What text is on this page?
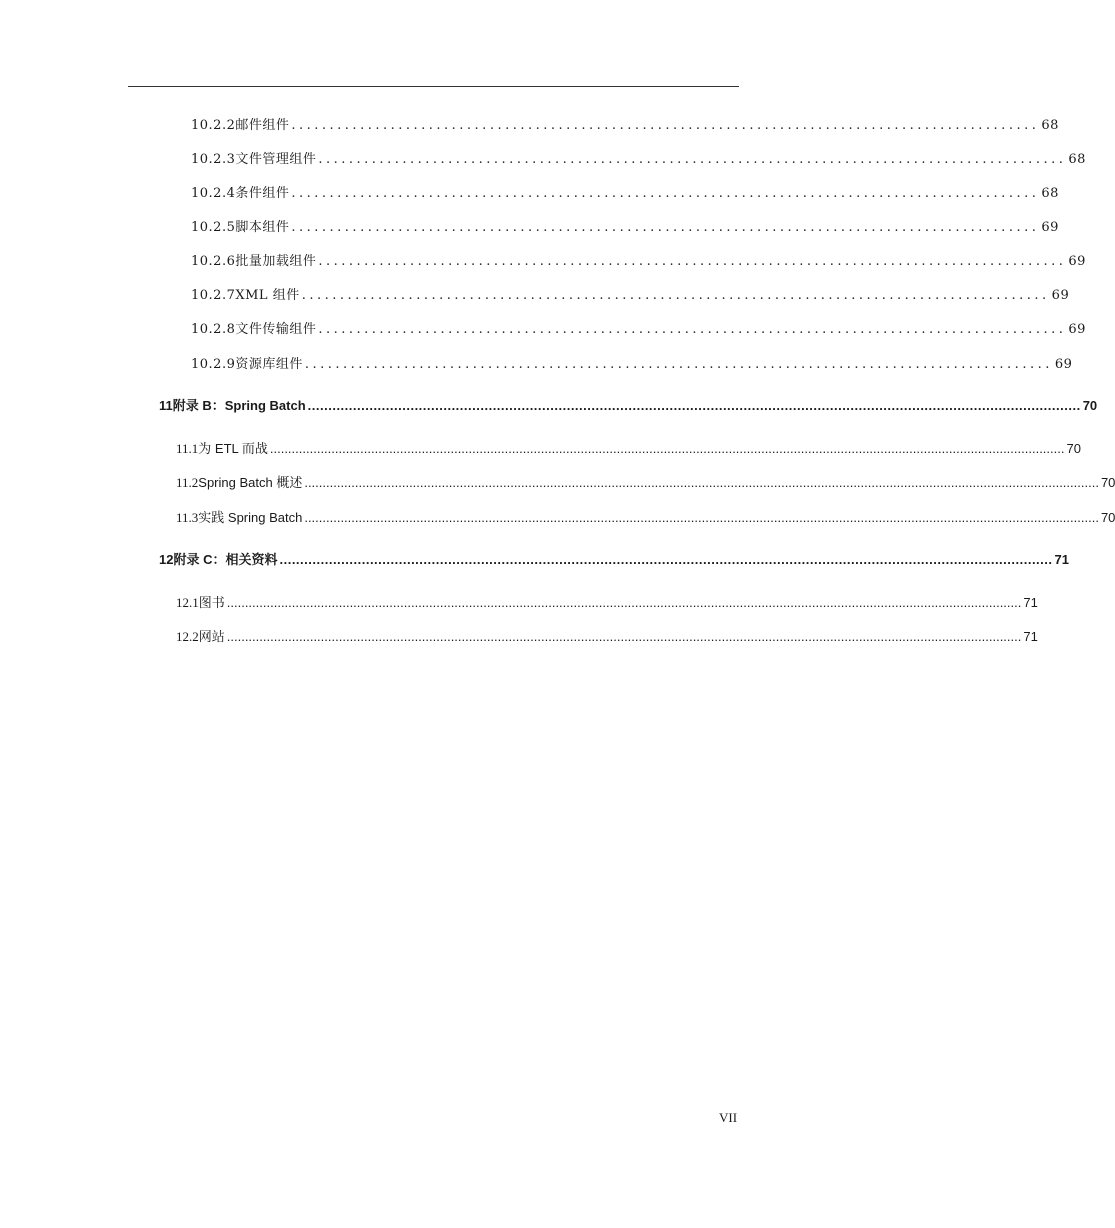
10.2.2 邮件组件 .................................................................................................. 68
10.2.3 文件管理组件 .................................................................................................. 68
10.2.4 条件组件 .................................................................................................. 68
10.2.5 脚本组件 .................................................................................................. 69
10.2.6 批量加载组件 .................................................................................................. 69
10.2.7 XML 组件 .................................................................................................. 69
10.2.8 文件传输组件 .................................................................................................. 69
10.2.9 资源库组件 .................................................................................................. 69
11 附录 B：Spring Batch ............................................................................................................................................................................................ 70
11.1 为 ETL 而战 ............................................................................................................................................................................................................................ 70
11.2 Spring Batch 概述 ............................................................................................................................................................................................................................ 70
11.3 实践 Spring Batch ............................................................................................................................................................................................................................ 70
12 附录 C：相关资料 ............................................................................................................................................................................................ 71
12.1 图书 ............................................................................................................................................................................................................................ 71
12.2 网站 ............................................................................................................................................................................................................................ 71
VII
